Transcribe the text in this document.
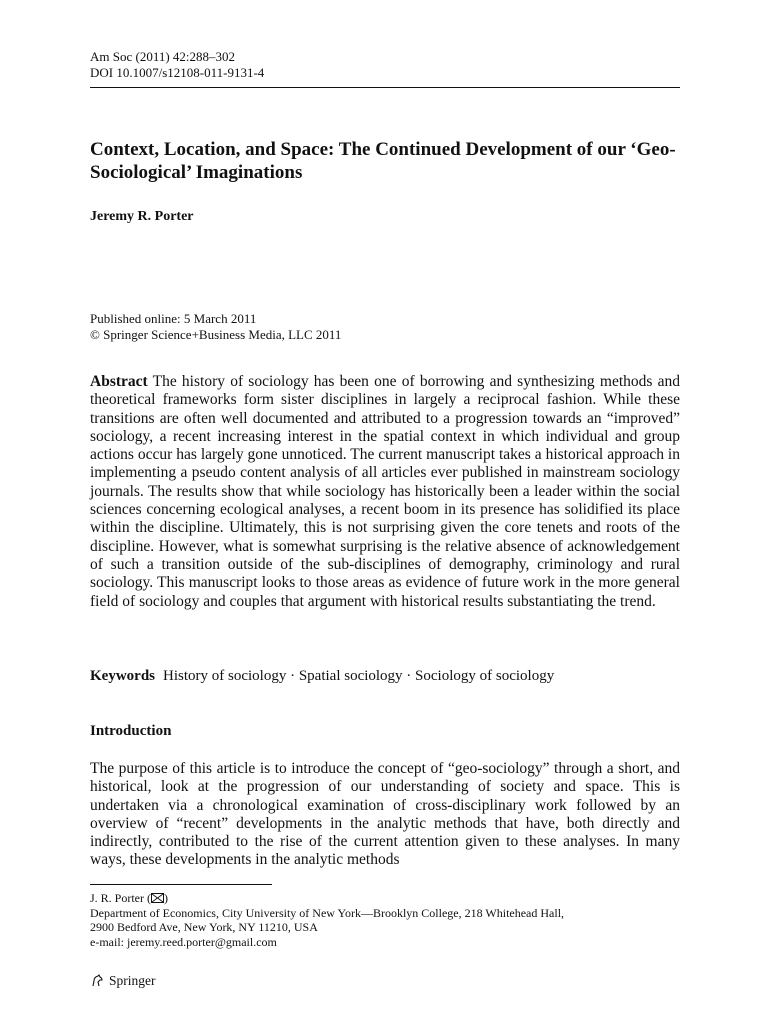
Am Soc (2011) 42:288–302
DOI 10.1007/s12108-011-9131-4
Context, Location, and Space: The Continued Development of our ‘Geo-Sociological’ Imaginations
Jeremy R. Porter
Published online: 5 March 2011
© Springer Science+Business Media, LLC 2011
Abstract The history of sociology has been one of borrowing and synthesizing methods and theoretical frameworks form sister disciplines in largely a reciprocal fashion. While these transitions are often well documented and attributed to a progression towards an “improved” sociology, a recent increasing interest in the spatial context in which individual and group actions occur has largely gone unnoticed. The current manuscript takes a historical approach in implementing a pseudo content analysis of all articles ever published in mainstream sociology journals. The results show that while sociology has historically been a leader within the social sciences concerning ecological analyses, a recent boom in its presence has solidified its place within the discipline. Ultimately, this is not surprising given the core tenets and roots of the discipline. However, what is somewhat surprising is the relative absence of acknowledgement of such a transition outside of the sub-disciplines of demography, criminology and rural sociology. This manuscript looks to those areas as evidence of future work in the more general field of sociology and couples that argument with historical results substantiating the trend.
Keywords History of sociology · Spatial sociology · Sociology of sociology
Introduction
The purpose of this article is to introduce the concept of “geo-sociology” through a short, and historical, look at the progression of our understanding of society and space. This is undertaken via a chronological examination of cross-disciplinary work followed by an overview of “recent” developments in the analytic methods that have, both directly and indirectly, contributed to the rise of the current attention given to these analyses. In many ways, these developments in the analytic methods
J. R. Porter ( )
Department of Economics, City University of New York—Brooklyn College, 218 Whitehead Hall,
2900 Bedford Ave, New York, NY 11210, USA
e-mail: jeremy.reed.porter@gmail.com
Springer
